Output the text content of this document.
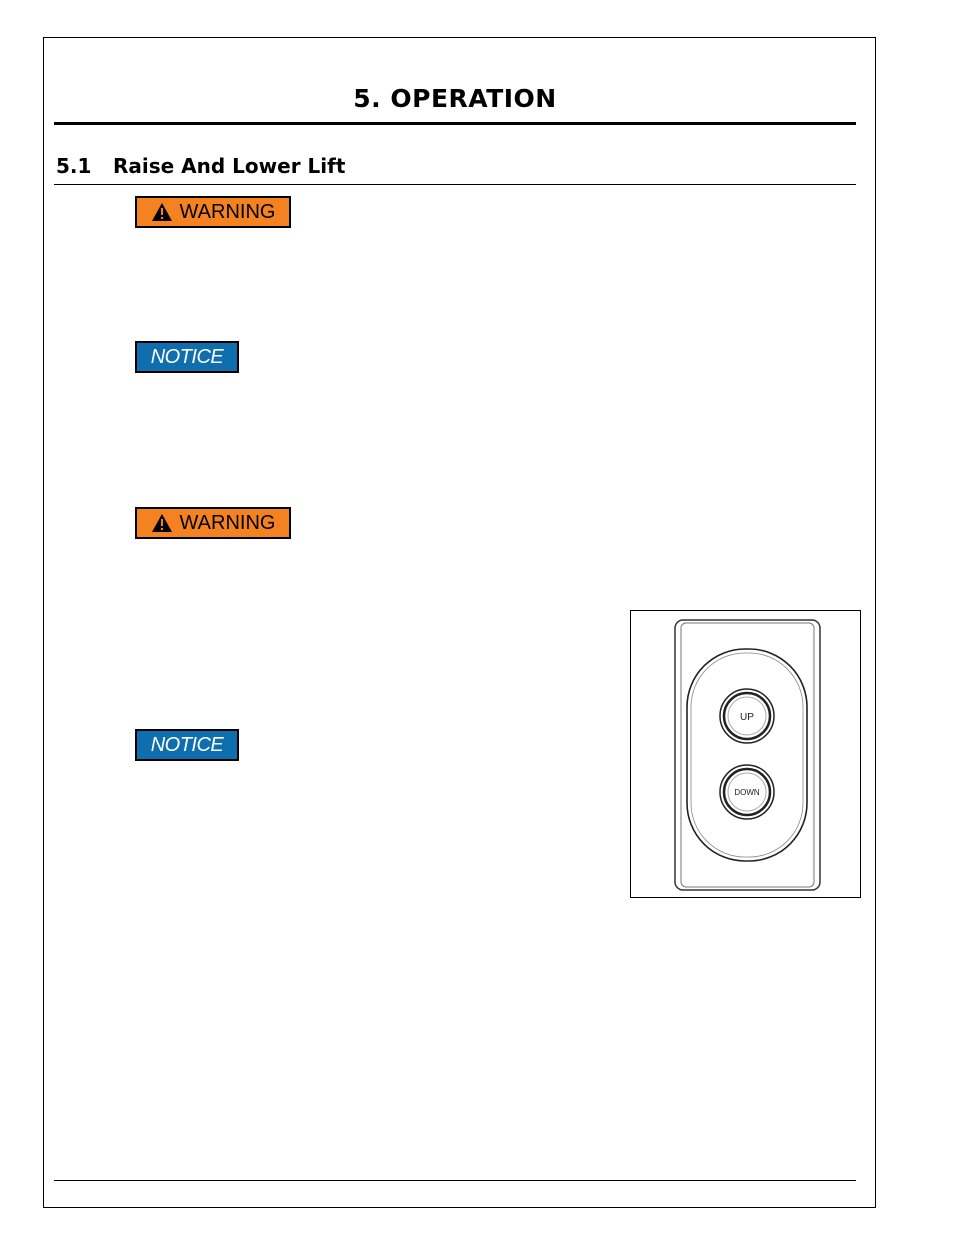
5. OPERATION
5.1 Raise And Lower Lift
WARNING
NOTICE
WARNING
NOTICE
UP
DOWN
